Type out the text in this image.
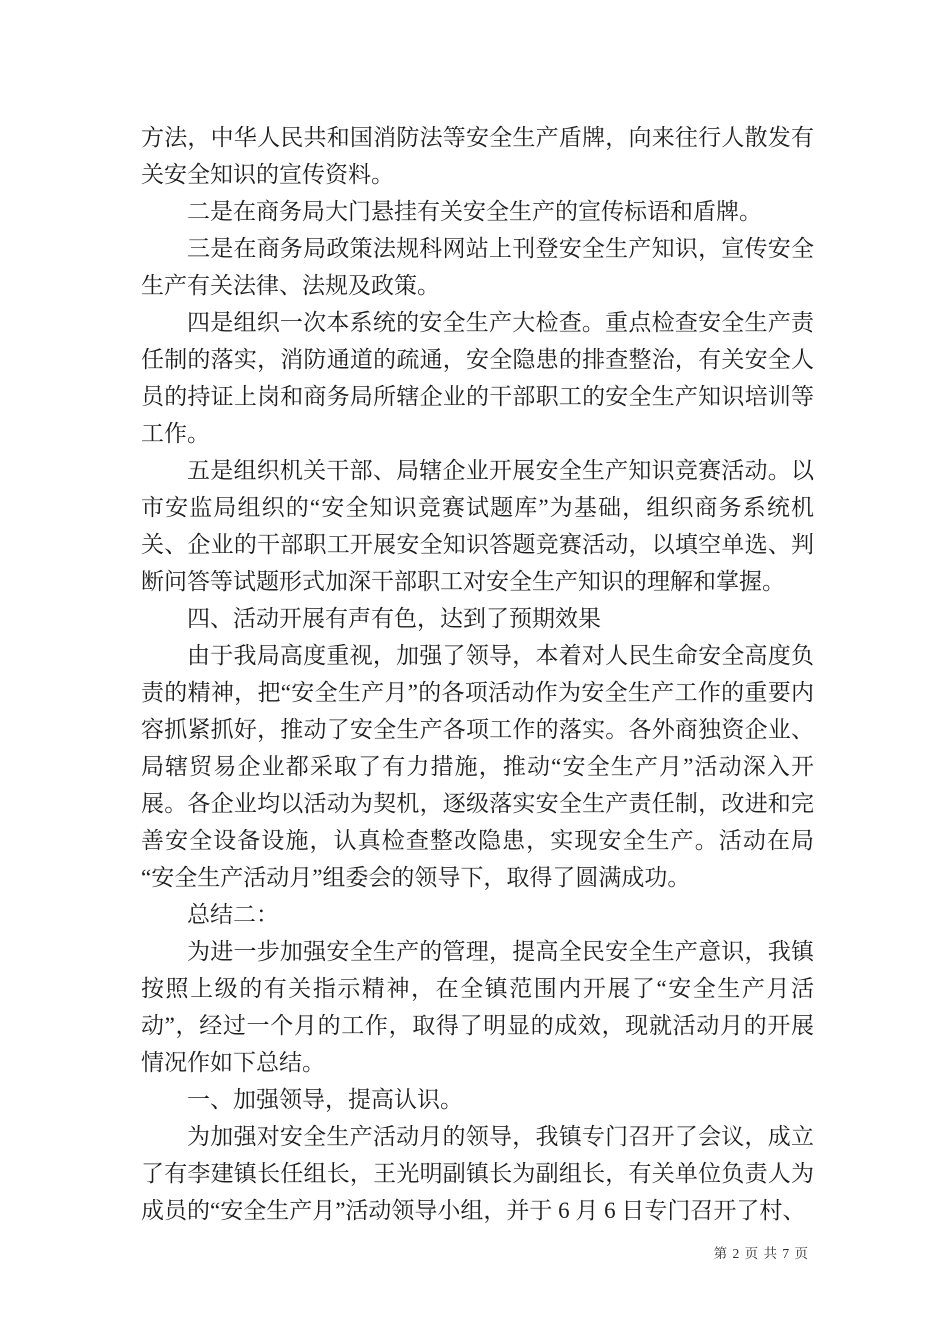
方法，中华人民共和国消防法等安全生产盾牌，向来往行人散发有关安全知识的宣传资料。

二是在商务局大门悬挂有关安全生产的宣传标语和盾牌。

三是在商务局政策法规科网站上刊登安全生产知识，宣传安全生产有关法律、法规及政策。

四是组织一次本系统的安全生产大检查。重点检查安全生产责任制的落实，消防通道的疏通，安全隐患的排查整治，有关安全人员的持证上岗和商务局所辖企业的干部职工的安全生产知识培训等工作。

五是组织机关干部、局辖企业开展安全生产知识竞赛活动。以市安监局组织的“安全知识竞赛试题库”为基础，组织商务系统机关、企业的干部职工开展安全知识答题竞赛活动，以填空单选、判断问答等试题形式加深干部职工对安全生产知识的理解和掌握。

四、活动开展有声有色，达到了预期效果

由于我局高度重视，加强了领导，本着对人民生命安全高度负责的精神，把“安全生产月”的各项活动作为安全生产工作的重要内容抓紧抓好，推动了安全生产各项工作的落实。各外商独资企业、局辖贸易企业都采取了有力措施，推动“安全生产月”活动深入开展。各企业均以活动为契机，逐级落实安全生产责任制，改进和完善安全设备设施，认真检查整改隐患，实现安全生产。活动在局“安全生产活动月”组委会的领导下，取得了圆满成功。

总结二：

为进一步加强安全生产的管理，提高全民安全生产意识，我镇按照上级的有关指示精神，在全镇范围内开展了“安全生产月活动”，经过一个月的工作，取得了明显的成效，现就活动月的开展情况作如下总结。

一、加强领导，提高认识。

为加强对安全生产活动月的领导，我镇专门召开了会议，成立了有李建镇长任组长，王光明副镇长为副组长，有关单位负责人为成员的“安全生产月”活动领导小组，并于 6 月 6 日专门召开了村、

第 2 页 共 7 页
